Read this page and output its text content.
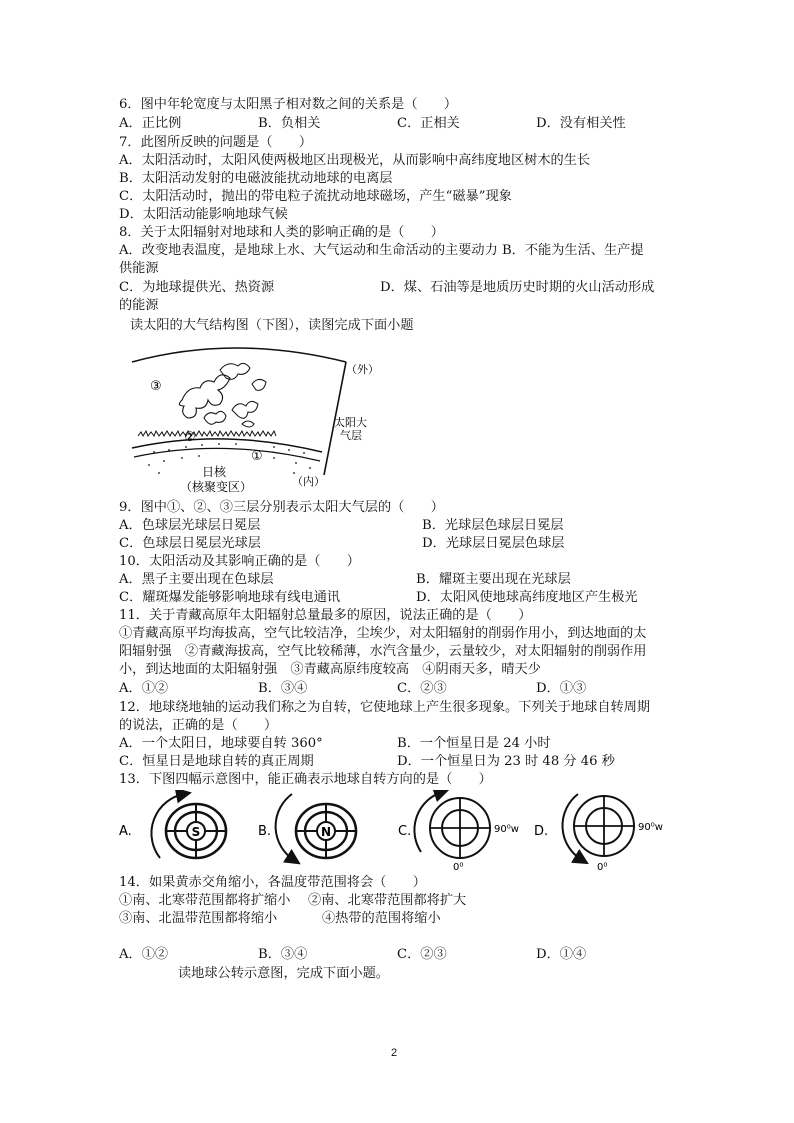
6．图中年轮宽度与太阳黑子相对数之间的关系是（　　）
A．正比例	B．负相关	C．正相关	D．没有相关性
7．此图所反映的问题是（　　）
A．太阳活动时，太阳风使两极地区出现极光，从而影响中高纬度地区树木的生长
B．太阳活动发射的电磁波能扰动地球的电离层
C．太阳活动时，抛出的带电粒子流扰动地球磁场，产生“磁暴”现象
D．太阳活动能影响地球气候
8．关于太阳辐射对地球和人类的影响正确的是（　　）
A．改变地表温度，是地球上水、大气运动和生命活动的主要动力 B．不能为生活、生产提
供能源
C．为地球提供光、热资源	D．煤、石油等是地质历史时期的火山活动形成
的能源
读太阳的大气结构图（下图），读图完成下面小题
③
②
①
（外）
太阳大
气层
日核
（核聚变区）	（内）
9．图中①、②、③三层分别表示太阳大气层的（　　）
A．色球层光球层日冕层	B．光球层色球层日冕层
C．色球层日冕层光球层	D．光球层日冕层色球层
10．太阳活动及其影响正确的是（　　）
A．黑子主要出现在色球层	B．耀斑主要出现在光球层
C．耀斑爆发能够影响地球有线电通讯	D．太阳风使地球高纬度地区产生极光
11．关于青藏高原年太阳辐射总量最多的原因，说法正确的是（　　）
①青藏高原平均海拔高，空气比较洁净，尘埃少，对太阳辐射的削弱作用小，到达地面的太
阳辐射强　②青藏海拔高，空气比较稀薄，水汽含量少，云量较少，对太阳辐射的削弱作用
小，到达地面的太阳辐射强　③青藏高原纬度较高　④阴雨天多，晴天少
A．①②	B．③④	C．②③	D．①③
12．地球绕地轴的运动我们称之为自转，它使地球上产生很多现象。下列关于地球自转周期
的说法，正确的是（　　）
A．一个太阳日，地球要自转 360°	B．一个恒星日是 24 小时
C．恒星日是地球自转的真正周期	D．一个恒星日为 23 时 48 分 46 秒
13．下图四幅示意图中，能正确表示地球自转方向的是（　　）
A.	S	B.	N	C.	90⁰w
0⁰
D.	90⁰w
0⁰
14．如果黄赤交角缩小，各温度带范围将会（　　）
①南、北寒带范围都将扩缩小 ②南、北寒带范围都将扩大
③南、北温带范围都将缩小	④热带的范围将缩小
A．①②	B．③④	C．②③	D．①④
读地球公转示意图，完成下面小题。
2
